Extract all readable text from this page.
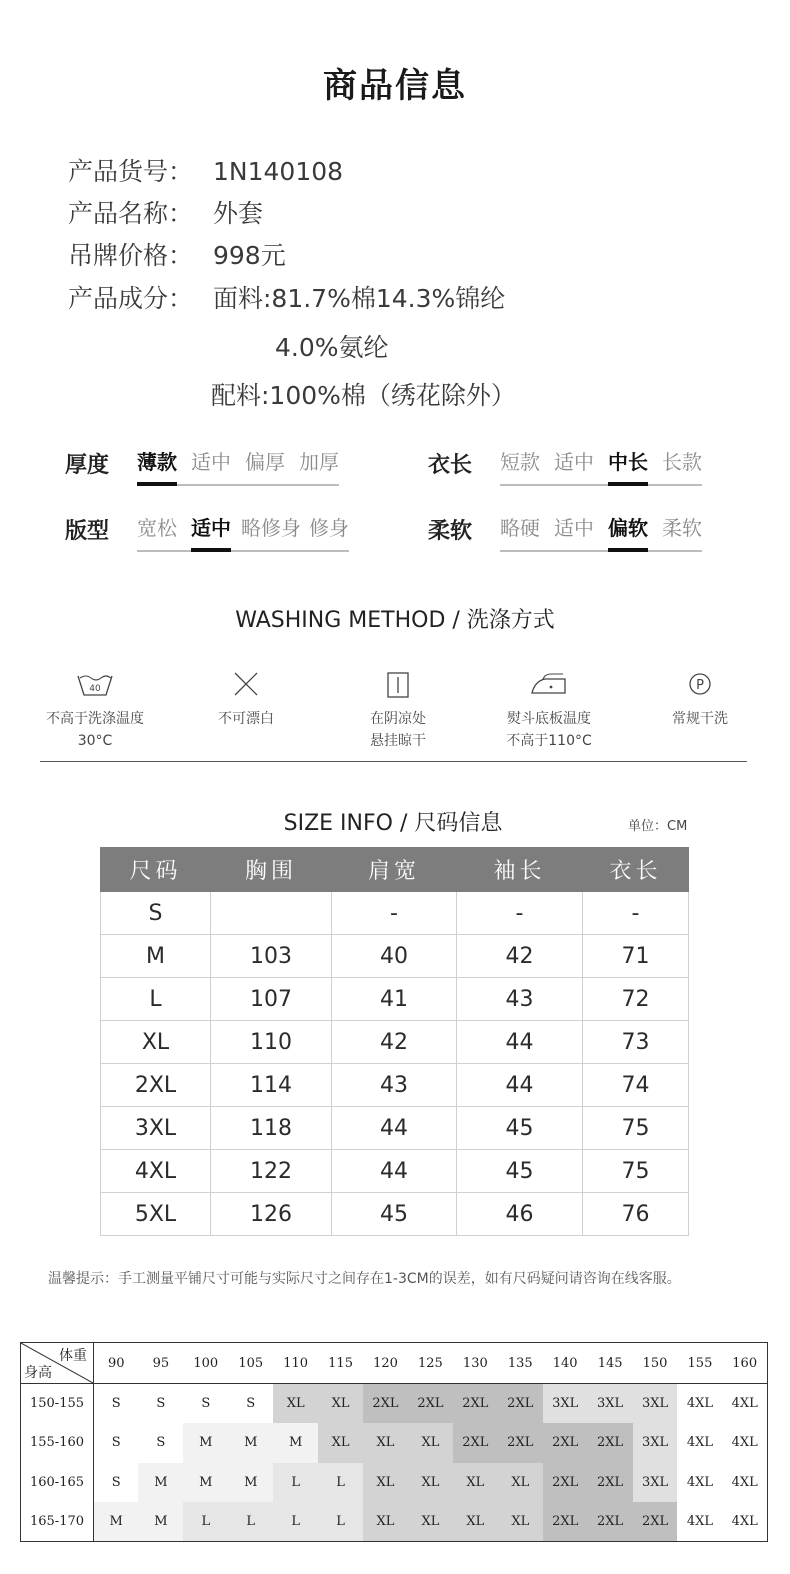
商品信息
产品货号： 1N140108
产品名称： 外套
吊牌价格： 998元
产品成分： 面料:81.7%棉14.3%锦纶
4.0%氨纶
配料:100%棉（绣花除外）
厚度 薄款 适中 偏厚 加厚	衣长 短款 适中 中长 长款
版型 宽松 适中 略修身 修身	柔软 略硬 适中 偏软 柔软
WASHING METHOD / 洗涤方式
40
不高于洗涤温度
30°C
不可漂白	在阴凉处
悬挂晾干
熨斗底板温度
不高于110°C
P
常规干洗
SIZE INFO / 尺码信息	单位：CM
尺码	胸围	肩宽	袖长	衣长
S		-	-	-
M	103	40	42	71
L	107	41	43	72
XL	110	42	44	73
2XL	114	43	44	74
3XL	118	44	45	75
4XL	122	44	45	75
5XL	126	45	46	76
温馨提示：手工测量平铺尺寸可能与实际尺寸之间存在1-3CM的误差，如有尺码疑问请咨询在线客服。
体重
身高	90	95	100	105	110	115	120	125	130	135	140	145	150	155	160
150-155	S	S	S	S	XL	XL	2XL	2XL	2XL	2XL	3XL	3XL	3XL	4XL	4XL
155-160	S	S	M	M	M	XL	XL	XL	2XL	2XL	2XL	2XL	3XL	4XL	4XL
160-165	S	M	M	M	L	L	XL	XL	XL	XL	2XL	2XL	3XL	4XL	4XL
165-170	M	M	L	L	L	L	XL	XL	XL	XL	2XL	2XL	2XL	4XL	4XL
